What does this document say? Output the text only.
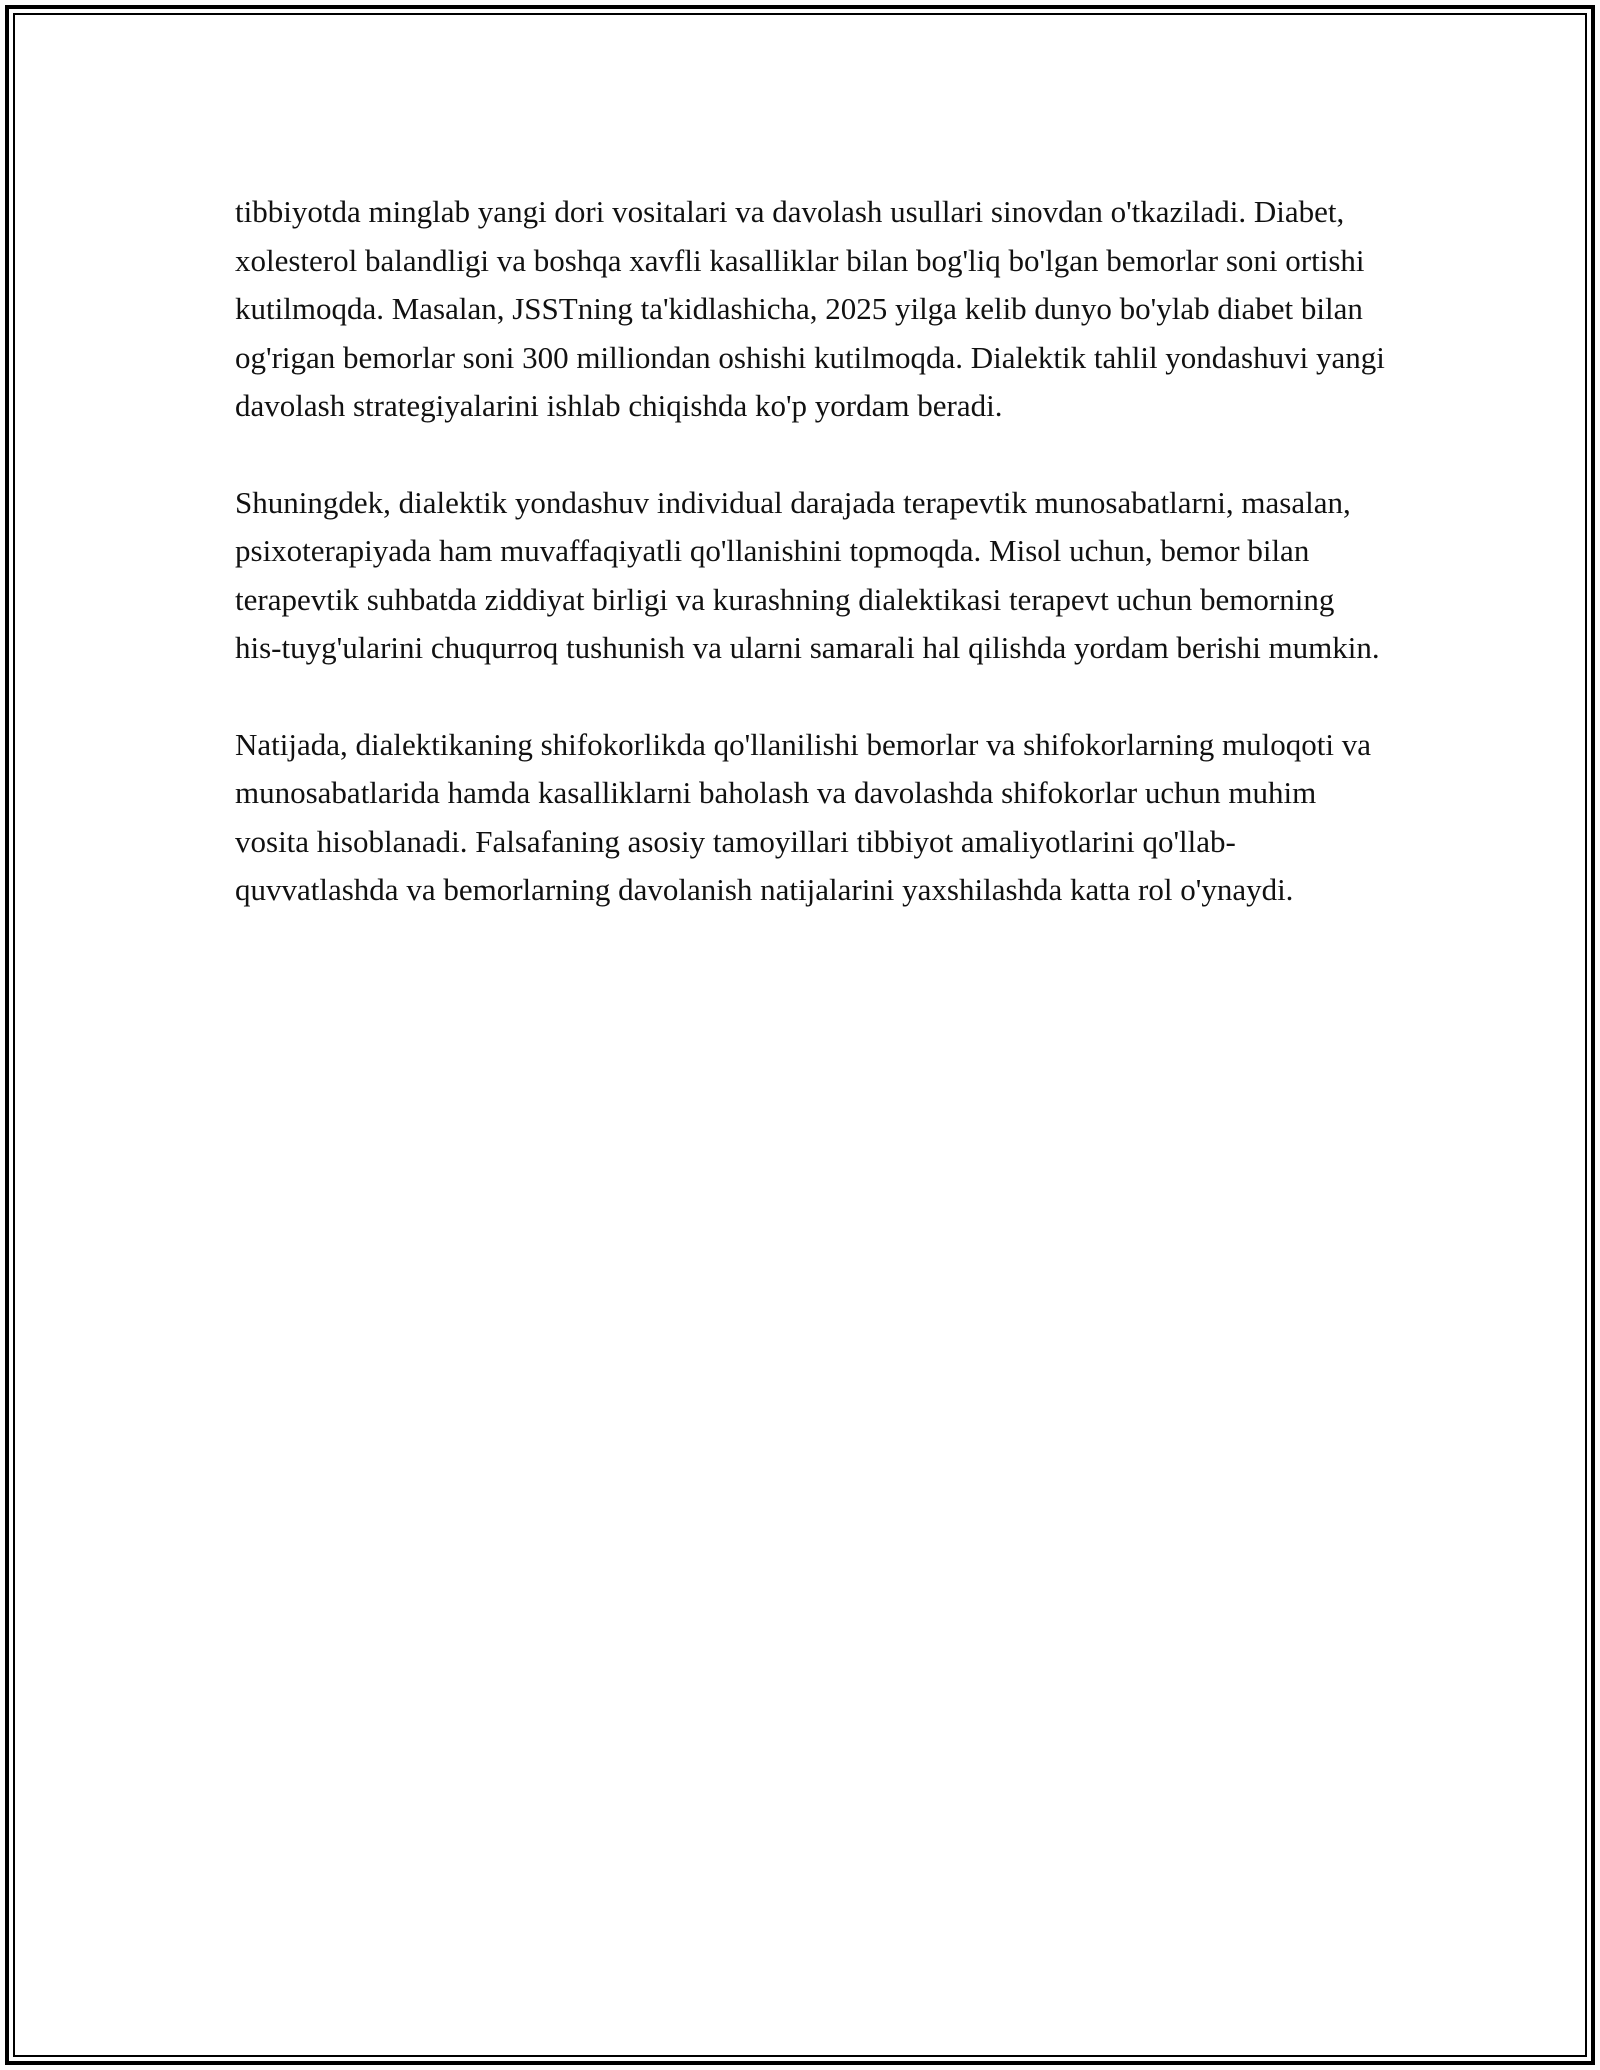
tibbiyotda minglab yangi dori vositalari va davolash usullari sinovdan o'tkaziladi. Diabet, xolesterol balandligi va boshqa xavfli kasalliklar bilan bog'liq bo'lgan bemorlar soni ortishi kutilmoqda. Masalan, JSSTning ta'kidlashicha, 2025 yilga kelib dunyo bo'ylab diabet bilan og'rigan bemorlar soni 300 milliondan oshishi kutilmoqda. Dialektik tahlil yondashuvi yangi davolash strategiyalarini ishlab chiqishda ko'p yordam beradi.

Shuningdek, dialektik yondashuv individual darajada terapevtik munosabatlarni, masalan, psixoterapiyada ham muvaffaqiyatli qo'llanishini topmoqda. Misol uchun, bemor bilan terapevtik suhbatda ziddiyat birligi va kurashning dialektikasi terapevt uchun bemorning his-tuyg'ularini chuqurroq tushunish va ularni samarali hal qilishda yordam berishi mumkin.

Natijada, dialektikaning shifokorlikda qo'llanilishi bemorlar va shifokorlarning muloqoti va munosabatlarida hamda kasalliklarni baholash va davolashda shifokorlar uchun muhim vosita hisoblanadi. Falsafaning asosiy tamoyillari tibbiyot amaliyotlarini qo'llab-quvvatlashda va bemorlarning davolanish natijalarini yaxshilashda katta rol o'ynaydi.
